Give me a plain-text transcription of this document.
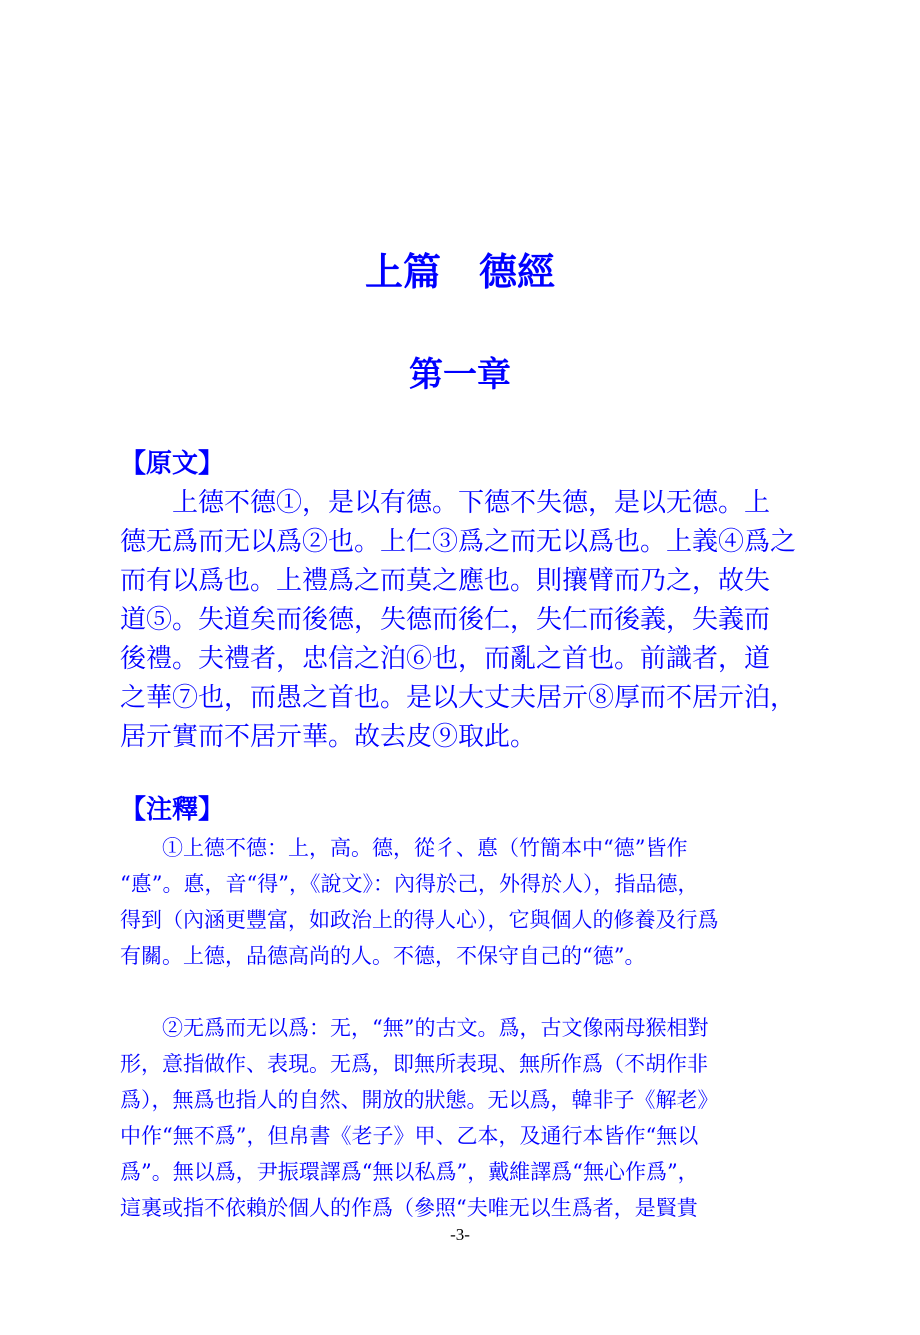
上篇　德經
第一章
【原文】

　　上德不德①，是以有德。下德不失德，是以无德。上
德无爲而无以爲②也。上仁③爲之而无以爲也。上義④爲之
而有以爲也。上禮爲之而莫之應也。則攘臂而乃之，故失
道⑤。失道矣而後德，失德而後仁，失仁而後義，失義而
後禮。夫禮者，忠信之泊⑥也，而亂之首也。前識者，道
之華⑦也，而愚之首也。是以大丈夫居亓⑧厚而不居亓泊，
居亓實而不居亓華。故去皮⑨取此。

【注釋】
　　①上德不德：上，高。德，從彳、悳（竹簡本中“德”皆作
“悳”。悳，音“得”，《說文》：內得於己，外得於人），指品德，
得到（內涵更豐富，如政治上的得人心），它與個人的修養及行爲
有關。上德，品德高尚的人。不德，不保守自己的“德”。
　　②无爲而无以爲：无，“無”的古文。爲，古文像兩母猴相對
形，意指做作、表現。无爲，即無所表現、無所作爲（不胡作非
爲），無爲也指人的自然、開放的狀態。无以爲，韓非子《解老》
中作“無不爲”，但帛書《老子》甲、乙本，及通行本皆作“無以
爲”。無以爲，尹振環譯爲“無以私爲”，戴維譯爲“無心作爲”，
這裏或指不依賴於個人的作爲（參照“夫唯无以生爲者，是賢貴
-3-
